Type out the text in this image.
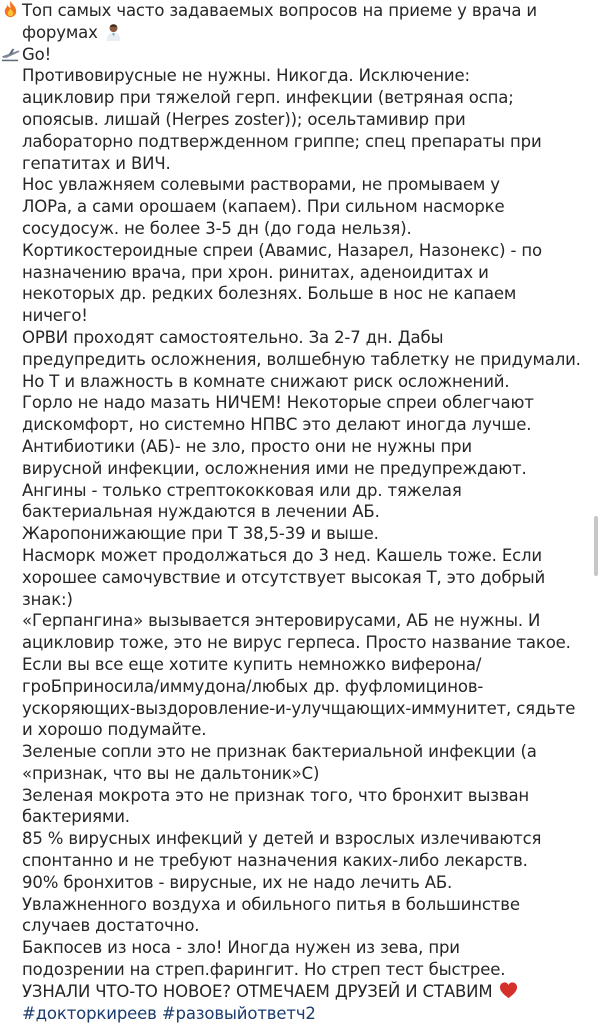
Топ самых часто задаваемых вопросов на приеме у врача и
форумах
Go!
Противовирусные не нужны. Никогда. Исключение:
ацикловир при тяжелой герп. инфекции (ветряная оспа;
опоясыв. лишай (Herpes zoster)); осельтамивир при
лабораторно подтвержденном гриппе; спец препараты при
гепатитах и ВИЧ.
Нос увлажняем солевыми растворами, не промываем у
ЛОРа, а сами орошаем (капаем). При сильном насморке
сосудосуж. не более 3-5 дн (до года нельзя).
Кортикостероидные спреи (Авамис, Назарел, Назонекс) - по
назначению врача, при хрон. ринитах, аденоидитах и
некоторых др. редких болезнях. Больше в нос не капаем
ничего!
ОРВИ проходят самостоятельно. За 2-7 дн. Дабы
предупредить осложнения, волшебную таблетку не придумали.
Но Т и влажность в комнате снижают риск осложнений.
Горло не надо мазать НИЧЕМ! Некоторые спреи облегчают
дискомфорт, но системно НПВС это делают иногда лучше.
Антибиотики (АБ)- не зло, просто они не нужны при
вирусной инфекции, осложнения ими не предупреждают.
Ангины - только стрептококковая или др. тяжелая
бактериальная нуждаются в лечении АБ.
Жаропонижающие при Т 38,5-39 и выше.
Насморк может продолжаться до 3 нед. Кашель тоже. Если
хорошее самочувствие и отсутствует высокая Т, это добрый
знак:)
«Герпангина» вызывается энтеровирусами, АБ не нужны. И
ацикловир тоже, это не вирус герпеса. Просто название такое.
Если вы все еще хотите купить немножко виферона/
гроБприносила/иммудона/любых др. фуфломицинов-
ускоряющих-выздоровление-и-улучщающих-иммунитет, сядьте
и хорошо подумайте.
Зеленые сопли это не признак бактериальной инфекции (а
«признак, что вы не дальтоник»С)
Зеленая мокрота это не признак того, что бронхит вызван
бактериями.
85 % вирусных инфекций у детей и взрослых излечиваются
спонтанно и не требуют назначения каких-либо лекарств.
90% бронхитов - вирусные, их не надо лечить АБ.
Увлажненного воздуха и обильного питья в большинстве
случаев достаточно.
Бакпосев из носа - зло! Иногда нужен из зева, при
подозрении на стреп.фарингит. Но стреп тест быстрее.
УЗНАЛИ ЧТО-ТО НОВОЕ? ОТМЕЧАЕМ ДРУЗЕЙ И СТАВИМ
#докторкиреев #разовыйответч2
